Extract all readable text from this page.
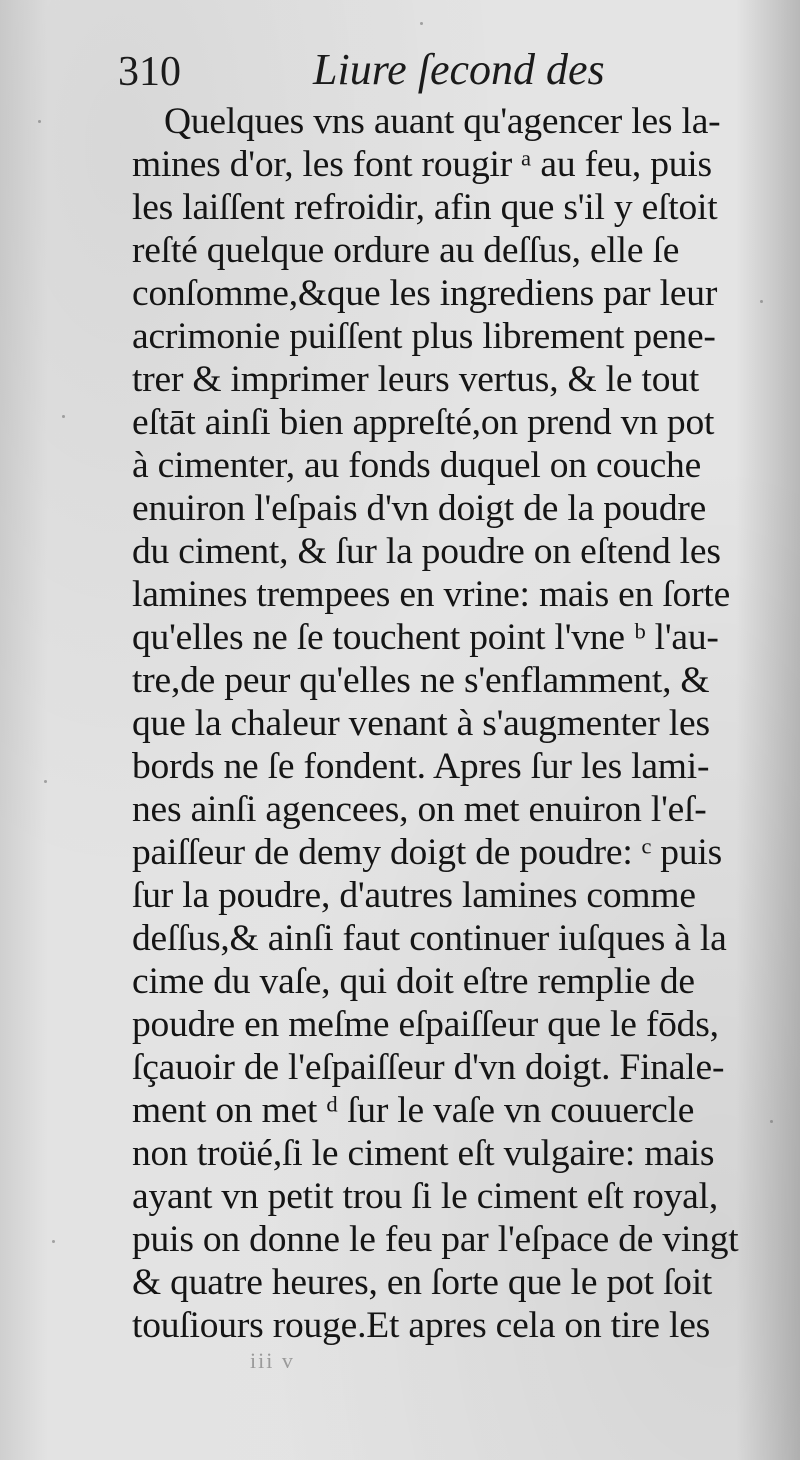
310	Liure ſecond des
Quelques vns auant qu'agencer les la-
mines d'or, les font rougir ᵃ au feu, puis
les laiſſent refroidir, afin que s'il y eſtoit
reſté quelque ordure au deſſus, elle ſe
conſomme,&que les ingrediens par leur
acrimonie puiſſent plus librement pene-
trer & imprimer leurs vertus, & le tout
eſtāt ainſi bien appreſté,on prend vn pot
à cimenter, au fonds duquel on couche
enuiron l'eſpais d'vn doigt de la poudre
du ciment, & ſur la poudre on eſtend les
lamines trempees en vrine: mais en ſorte
qu'elles ne ſe touchent point l'vne ᵇ l'au-
tre,de peur qu'elles ne s'enflamment, &
que la chaleur venant à s'augmenter les
bords ne ſe fondent. Apres ſur les lami-
nes ainſi agencees, on met enuiron l'eſ-
paiſſeur de demy doigt de poudre: ᶜ puis
ſur la poudre, d'autres lamines comme
deſſus,& ainſi faut continuer iuſques à la
cime du vaſe, qui doit eſtre remplie de
poudre en meſme eſpaiſſeur que le fōds,
ſçauoir de l'eſpaiſſeur d'vn doigt. Finale-
ment on met ᵈ ſur le vaſe vn couuercle
non troüé,ſi le ciment eſt vulgaire: mais
ayant vn petit trou ſi le ciment eſt royal,
puis on donne le feu par l'eſpace de vingt
& quatre heures, en ſorte que le pot ſoit
touſiours rouge.Et apres cela on tire les
iii v
